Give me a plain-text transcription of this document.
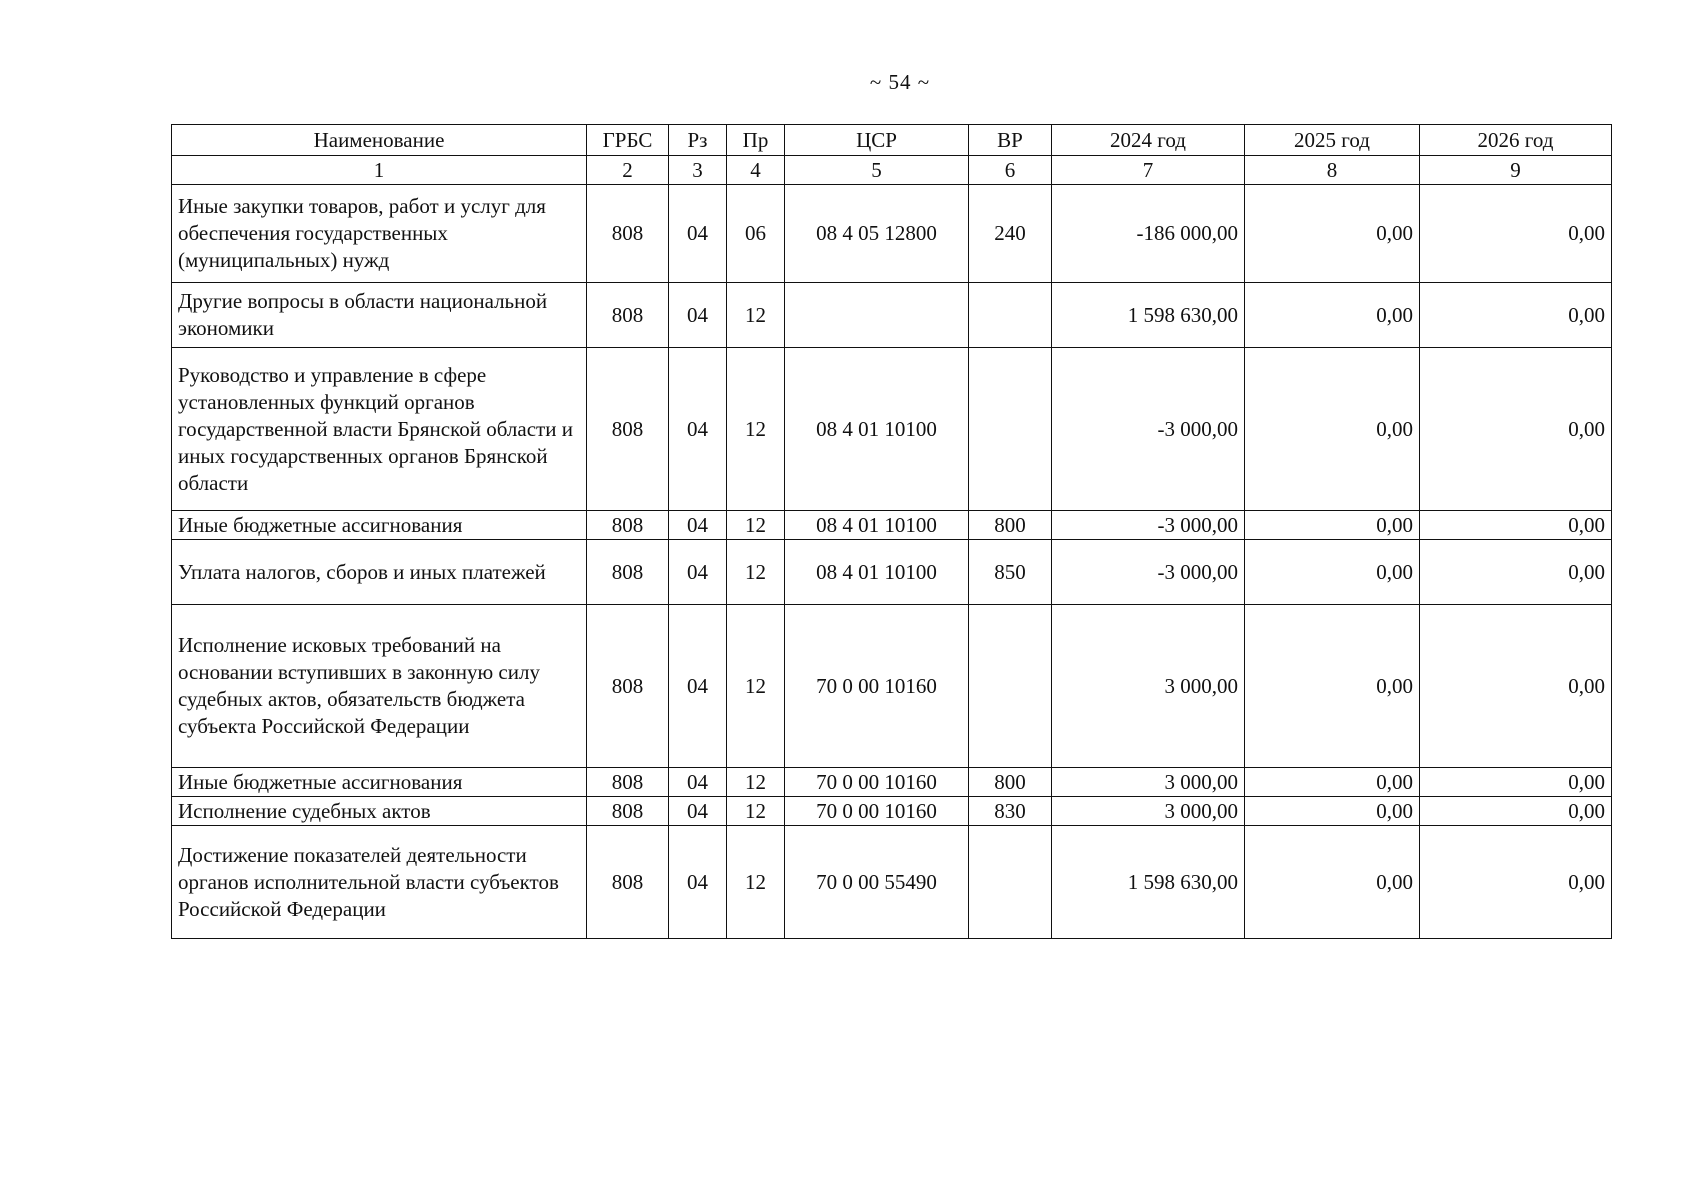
~ 54 ~
Наименование	ГРБС	Рз	Пр	ЦСР	ВР	2024 год	2025 год	2026 год
1	2	3	4	5	6	7	8	9
Иные закупки товаров, работ и услуг для обеспечения государственных (муниципальных) нужд	808	04	06	08 4 05 12800	240	-186 000,00	0,00	0,00
Другие вопросы в области национальной экономики	808	04	12			1 598 630,00	0,00	0,00
Руководство и управление в сфере установленных функций органов государственной власти Брянской области и иных государственных органов Брянской области	808	04	12	08 4 01 10100		-3 000,00	0,00	0,00
Иные бюджетные ассигнования	808	04	12	08 4 01 10100	800	-3 000,00	0,00	0,00
Уплата налогов, сборов и иных платежей	808	04	12	08 4 01 10100	850	-3 000,00	0,00	0,00
Исполнение исковых требований на основании вступивших в законную силу судебных актов, обязательств бюджета субъекта Российской Федерации	808	04	12	70 0 00 10160		3 000,00	0,00	0,00
Иные бюджетные ассигнования	808	04	12	70 0 00 10160	800	3 000,00	0,00	0,00
Исполнение судебных актов	808	04	12	70 0 00 10160	830	3 000,00	0,00	0,00
Достижение показателей деятельности органов исполнительной власти субъектов Российской Федерации	808	04	12	70 0 00 55490		1 598 630,00	0,00	0,00
